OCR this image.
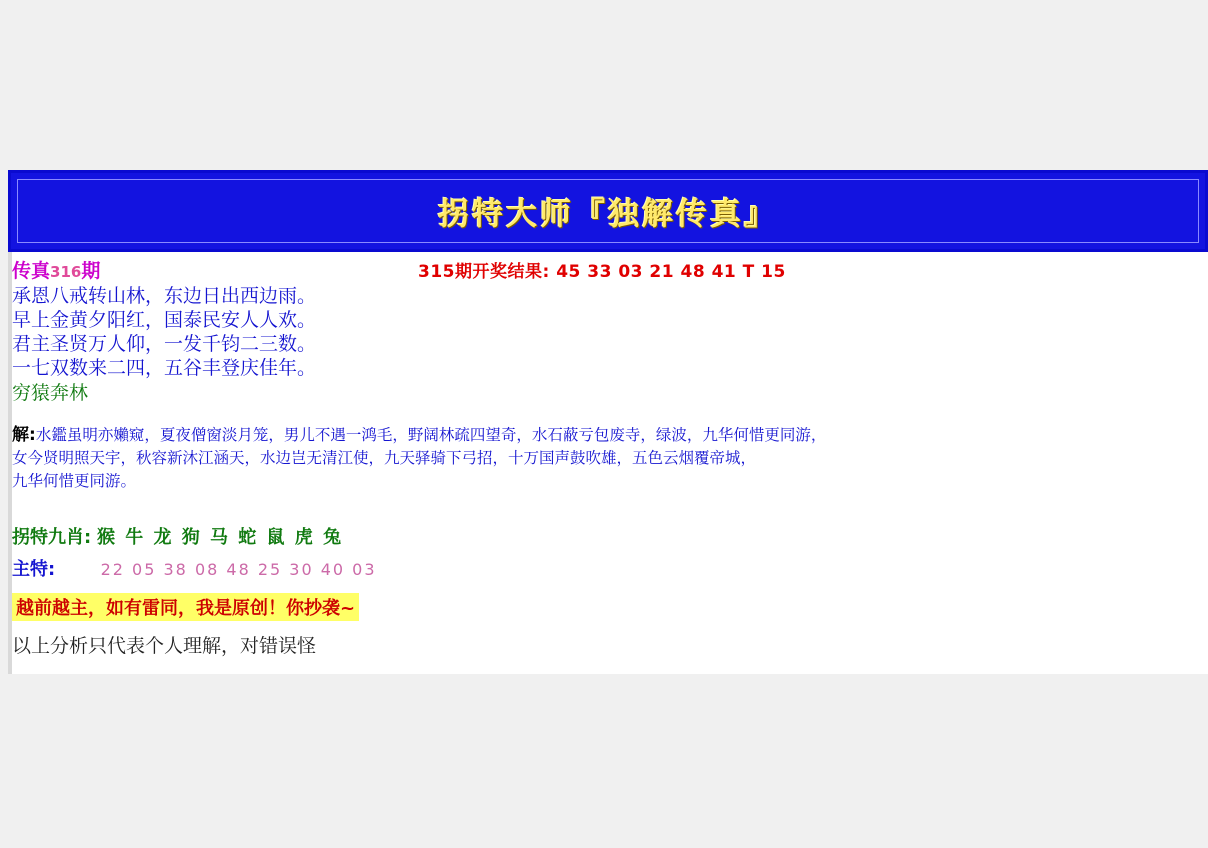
拐特大师『独解传真』
传真316期	315期开奖结果: 45 33 03 21 48 41 T 15
承恩八戒转山林，东边日出西边雨。
早上金黄夕阳红，国泰民安人人欢。
君主圣贤万人仰，一发千钧二三数。
一七双数来二四，五谷丰登庆佳年。
穷猿奔林
解:水鑑虽明亦嬾窥，夏夜僧窗淡月笼，男儿不遇一鸿毛，野阔林疏四望奇，水石蔽亏包废寺，绿波，九华何惜更同游，
女今贤明照天宇，秋容新沐江涵天，水边岂无清江使，九天驿骑下弓招，十万国声鼓吹雄，五色云烟覆帝城，
九华何惜更同游。
拐特九肖: 猴 牛 龙 狗 马 蛇 鼠 虎 兔
主特:	22 05 38 08 48 25 30 40 03
越前越主，如有雷同，我是原创！你抄袭~
以上分析只代表个人理解，对错误怪
